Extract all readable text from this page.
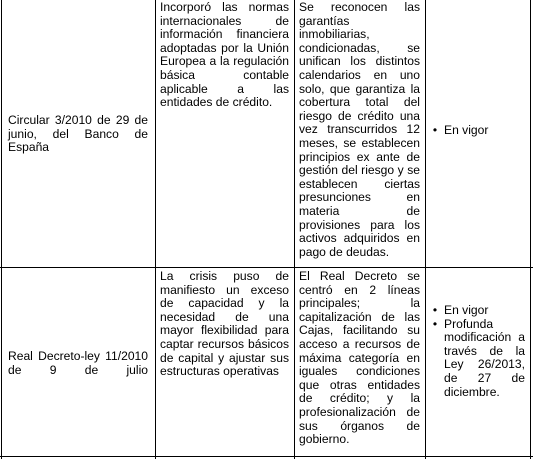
Circular 3/2010 de 29 de junio, del Banco de España

Incorporó las normas internacionales de información financiera adoptadas por la Unión Europea a la regulación básica contable aplicable a las entidades de crédito.

Se reconocen las garantías inmobiliarias, condicionadas, se unifican los distintos calendarios en uno solo, que garantiza la cobertura total del riesgo de crédito una vez transcurridos 12 meses, se establecen principios ex ante de gestión del riesgo y se establecen ciertas presunciones en materia de provisiones para los activos adquiridos en pago de deudas.

• En vigor

Real Decreto-ley 11/2010 de 9 de julio

La crisis puso de manifiesto un exceso de capacidad y la necesidad de una mayor flexibilidad para captar recursos básicos de capital y ajustar sus estructuras operativas

El Real Decreto se centró en 2 líneas principales; la capitalización de las Cajas, facilitando su acceso a recursos de máxima categoría en iguales condiciones que otras entidades de crédito; y la profesionalización de sus órganos de gobierno.

• En vigor
• Profunda modificación a través de la Ley 26/2013, de 27 de diciembre.
